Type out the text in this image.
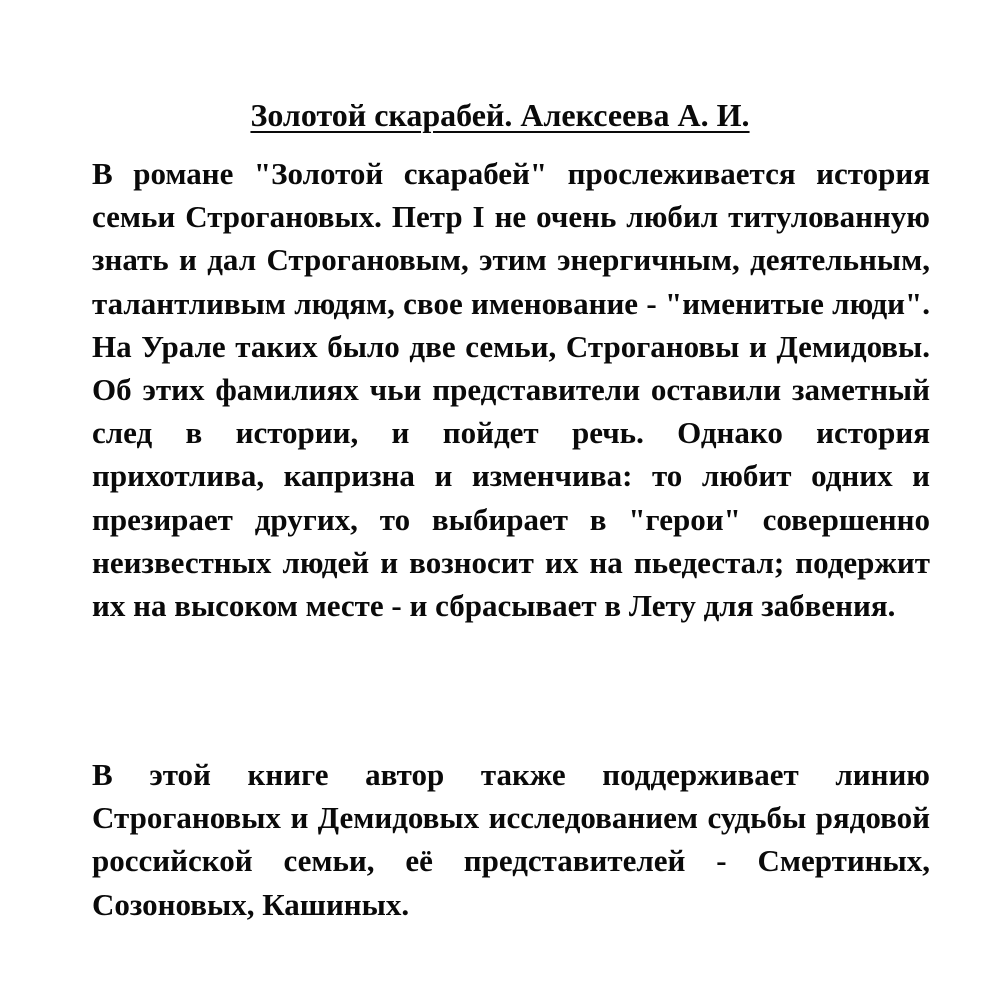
Золотой скарабей. Алексеева А. И.

В романе "Золотой скарабей" прослеживается история семьи Строгановых. Петр I не очень любил титулованную знать и дал Строгановым, этим энергичным, деятельным, талантливым людям, свое именование - "именитые люди". На Урале таких было две семьи, Строгановы и Демидовы. Об этих фамилиях чьи представители оставили заметный след в истории, и пойдет речь. Однако история прихотлива, капризна и изменчива: то любит одних и презирает других, то выбирает в "герои" совершенно неизвестных людей и возносит их на пьедестал; подержит их на высоком месте - и сбрасывает в Лету для забвения.

В этой книге автор также поддерживает линию Строгановых и Демидовых исследованием судьбы рядовой российской семьи, её представителей - Смертиных, Созоновых, Кашиных.
